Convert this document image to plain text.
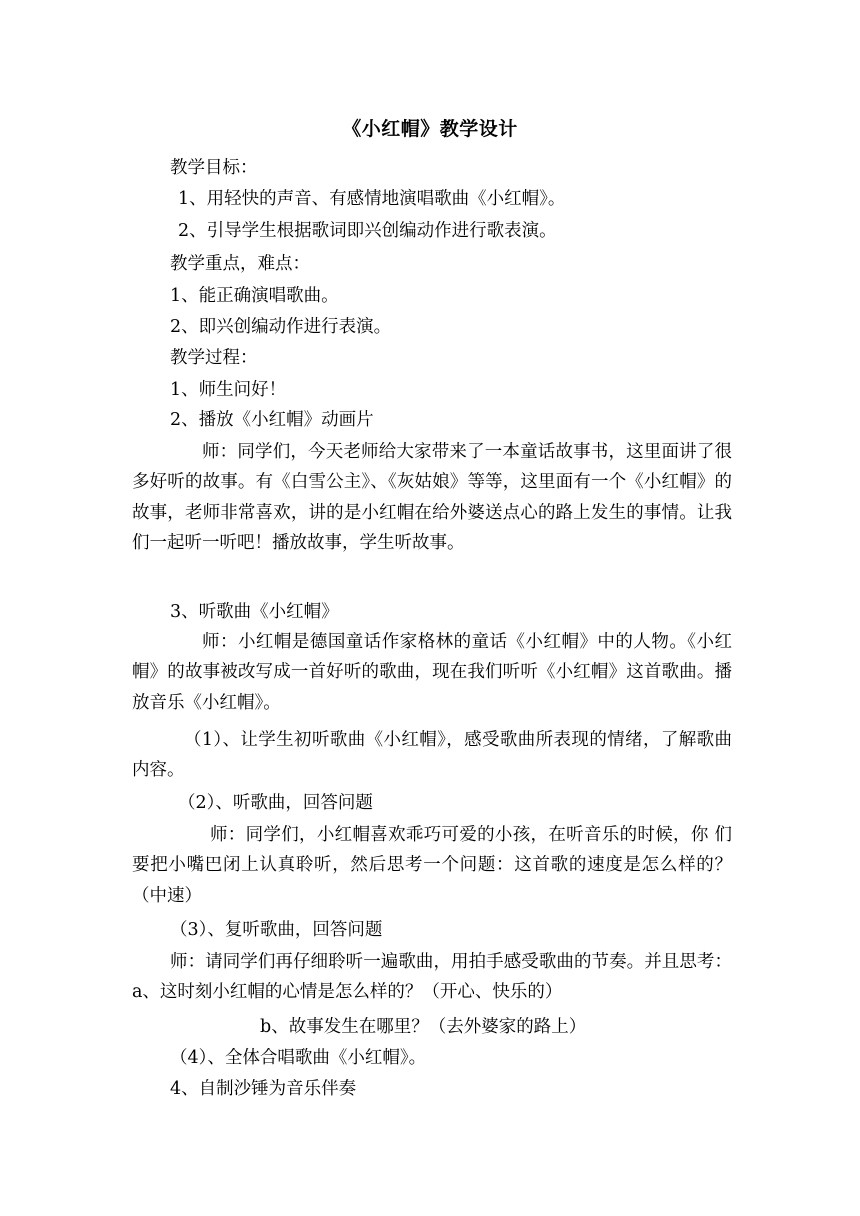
《小红帽》教学设计
教学目标：
1、用轻快的声音、有感情地演唱歌曲《小红帽》。
2、引导学生根据歌词即兴创编动作进行歌表演。
教学重点，难点：
1、能正确演唱歌曲。
2、即兴创编动作进行表演。
教学过程：
1、师生问好！
2、播放《小红帽》动画片
师：同学们，今天老师给大家带来了一本童话故事书，这里面讲了很多好听的故事。有《白雪公主》、《灰姑娘》等等，这里面有一个《小红帽》的故事，老师非常喜欢，讲的是小红帽在给外婆送点心的路上发生的事情。让我们一起听一听吧！播放故事，学生听故事。
3、听歌曲《小红帽》
师：小红帽是德国童话作家格林的童话《小红帽》中的人物。《小红帽》的故事被改写成一首好听的歌曲，现在我们听听《小红帽》这首歌曲。播放音乐《小红帽》。
（1）、让学生初听歌曲《小红帽》，感受歌曲所表现的情绪，了解歌曲内容。
（2）、听歌曲，回答问题
师：同学们，小红帽喜欢乖巧可爱的小孩，在听音乐的时候，你 们要把小嘴巴闭上认真聆听，然后思考一个问题：这首歌的速度是怎么样的？（中速）
（3）、复听歌曲，回答问题
师：请同学们再仔细聆听一遍歌曲，用拍手感受歌曲的节奏。并且思考：a、这时刻小红帽的心情是怎么样的？（开心、快乐的）
b、故事发生在哪里？（去外婆家的路上）
（4）、全体合唱歌曲《小红帽》。
4、自制沙锤为音乐伴奏
